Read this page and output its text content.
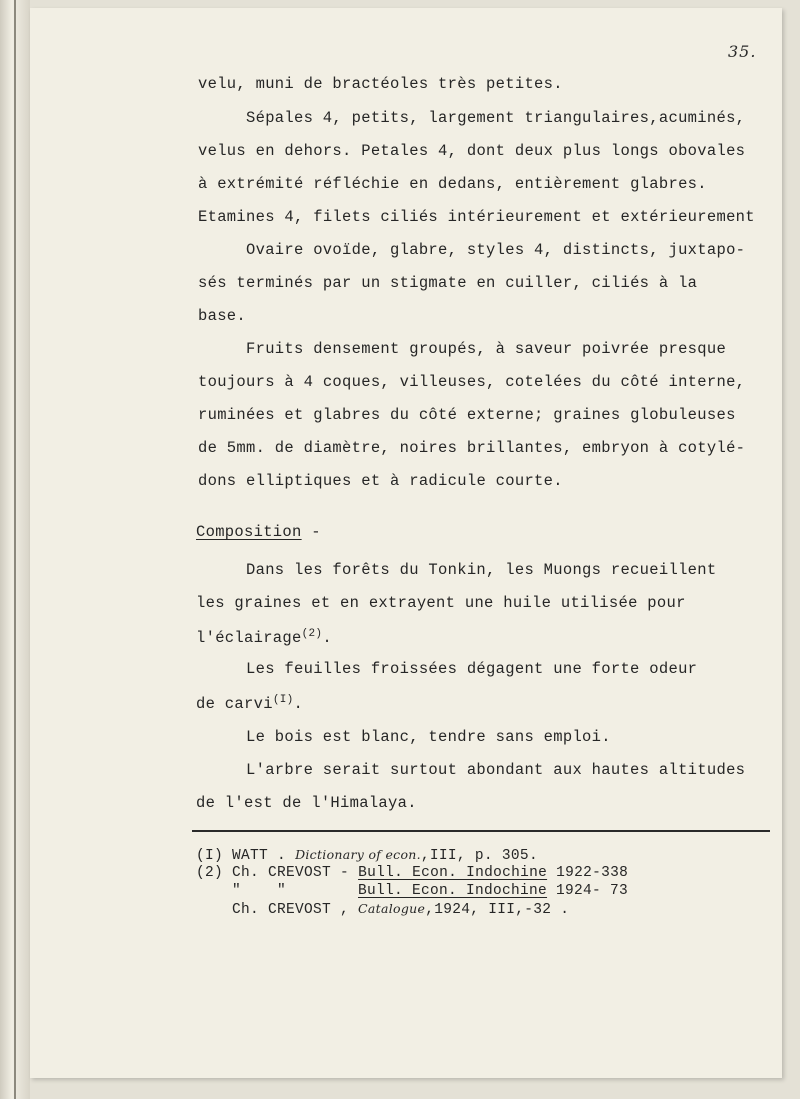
35.

velu, muni de bractéoles très petites.

Sépales 4, petits, largement triangulaires,acuminés,

velus en dehors. Petales 4, dont deux plus longs obovales

à extrémité réfléchie en dedans, entièrement glabres.

Etamines 4, filets ciliés intérieurement et extérieurement

Ovaire ovoïde, glabre, styles 4, distincts, juxtapo-

sés terminés par un stigmate en cuiller, ciliés à la

base.

Fruits densement groupés, à saveur poivrée presque

toujours à 4 coques, villeuses, cotelées du côté interne,

ruminées et glabres du côté externe; graines globuleuses

de 5mm. de diamètre, noires brillantes, embryon à cotylé-

dons elliptiques et à radicule courte.

Composition -

Dans les forêts du Tonkin, les Muongs recueillent

les graines et en extrayent une huile utilisée pour

l'éclairage$^{(2)}$.

Les feuilles froissées dégagent une forte odeur

de carvi$^{(I)}$.

Le bois est blanc, tendre sans emploi.

L'arbre serait surtout abondant aux hautes altitudes

de l'est de l'Himalaya.

(I) WATT . Dictionary of econ.,III, p. 305.

(2) Ch. CREVOST - Bull. Econ. Indochine 1922-338

"    "	Bull. Econ. Indochine 1924- 73

Ch. CREVOST , Catalogue,1924, III,-32 .
